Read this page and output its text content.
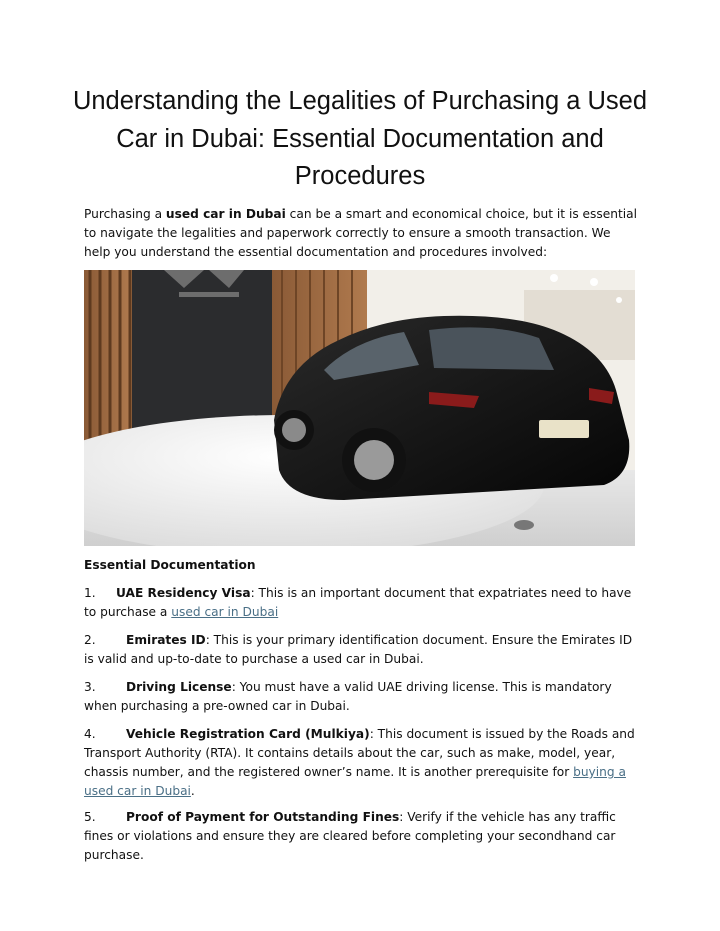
Understanding the Legalities of Purchasing a Used Car in Dubai: Essential Documentation and Procedures

Purchasing a used car in Dubai can be a smart and economical choice, but it is essential to navigate the legalities and paperwork correctly to ensure a smooth transaction. We help you understand the essential documentation and procedures involved:

Essential Documentation

1. UAE Residency Visa: This is an important document that expatriates need to have to purchase a used car in Dubai

2. Emirates ID: This is your primary identification document. Ensure the Emirates ID is valid and up-to-date to purchase a used car in Dubai.

3. Driving License: You must have a valid UAE driving license. This is mandatory when purchasing a pre-owned car in Dubai.

4. Vehicle Registration Card (Mulkiya): This document is issued by the Roads and Transport Authority (RTA). It contains details about the car, such as make, model, year, chassis number, and the registered owner’s name. It is another prerequisite for buying a used car in Dubai.

5. Proof of Payment for Outstanding Fines: Verify if the vehicle has any traffic fines or violations and ensure they are cleared before completing your secondhand car purchase.
